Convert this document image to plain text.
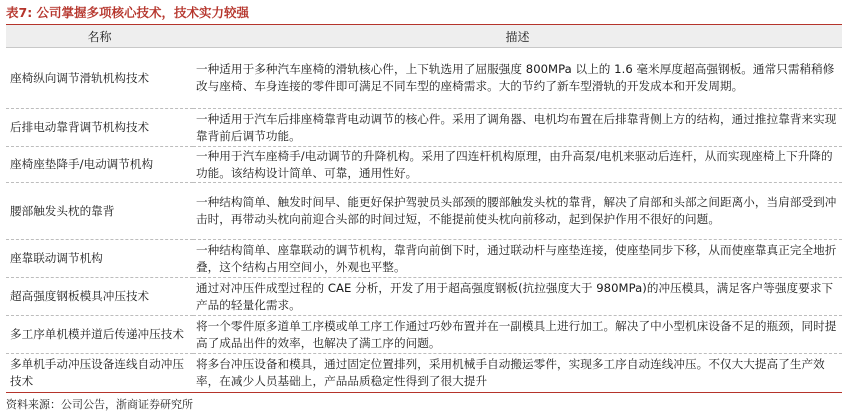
表7: 公司掌握多项核心技术，技术实力较强
名称	描述
座椅纵向调节滑轨机构技术	一种适用于多种汽车座椅的滑轨核心件，上下轨选用了屈服强度 800MPa 以上的 1.6 毫米厚度超高强钢板。通常只需稍稍修改与座椅、车身连接的零件即可满足不同车型的座椅需求。大的节约了新车型滑轨的开发成本和开发周期。
后排电动靠背调节机构技术	一种适用于汽车后排座椅靠背电动调节的核心件。采用了调角器、电机均布置在后排靠背侧上方的结构，通过推拉靠背来实现靠背前后调节功能。
座椅座垫降手/电动调节机构	一种用于汽车座椅手/电动调节的升降机构。采用了四连杆机构原理，由升高泵/电机来驱动后连杆，从而实现座椅上下升降的功能。该结构设计简单、可靠，通用性好。
腰部触发头枕的靠背	一种结构简单、触发时间早、能更好保护驾驶员头部颈的腰部触发头枕的靠背，解决了肩部和头部之间距离小，当肩部受到冲击时，再带动头枕向前迎合头部的时间过短，不能提前使头枕向前移动，起到保护作用不很好的问题。
座靠联动调节机构	一种结构简单、座靠联动的调节机构，靠背向前倒下时，通过联动杆与座垫连接，使座垫同步下移，从而使座靠真正完全地折叠，这个结构占用空间小，外观也平整。
超高强度钢板模具冲压技术	通过对冲压件成型过程的 CAE 分析，开发了用于超高强度钢板(抗拉强度大于 980MPa)的冲压模具，满足客户等强度要求下产品的轻量化需求。
多工序单机模并道后传递冲压技术	将一个零件原多道单工序模或单工序工作通过巧妙布置并在一副模具上进行加工。解决了中小型机床设备不足的瓶颈，同时提高了成品出件的效率，也解决了满工序的问题。
多单机手动冲压设备连线自动冲压技术	将多台冲压设备和模具，通过固定位置排列，采用机械手自动搬运零件，实现多工序自动连线冲压。不仅大大提高了生产效率，在减少人员基础上，产品品质稳定性得到了很大提升
资料来源：公司公告，浙商证券研究所
